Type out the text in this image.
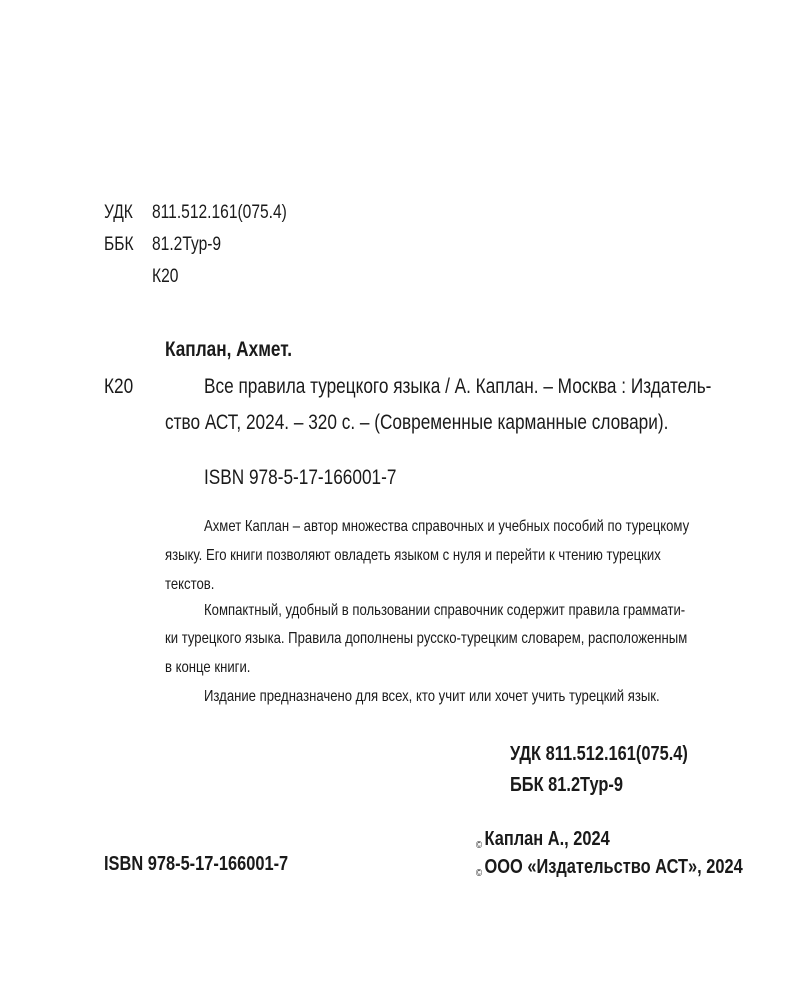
УДК 811.512.161(075.4)
ББК 81.2Тур-9
К20
Каплан, Ахмет.
К20	Все правила турецкого языка / А. Каплан. – Москва : Издатель-
ство АСТ, 2024. – 320 с. – (Современные карманные словари).
ISBN 978-5-17-166001-7
Ахмет Каплан – автор множества справочных и учебных пособий по турецкому
языку. Его книги позволяют овладеть языком с нуля и перейти к чтению турецких
текстов.
Компактный, удобный в пользовании справочник содержит правила граммати-
ки турецкого языка. Правила дополнены русско-турецким словарем, расположенным
в конце книги.
Издание предназначено для всех, кто учит или хочет учить турецкий язык.
УДК 811.512.161(075.4)
ББК 81.2Тур-9
ISBN 978-5-17-166001-7
© Каплан А., 2024
© ООО «Издательство АСТ», 2024
